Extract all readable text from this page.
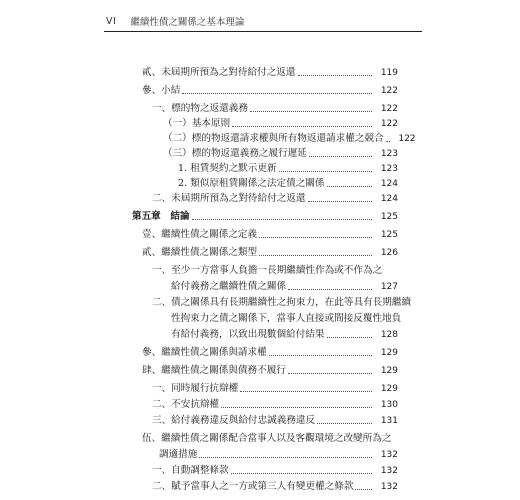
VI 繼續性債之關係之基本理論
貳、未屆期所預為之對待給付之返還	119
參、小結	122
一、標的物之返還義務	122
（一）基本原則	122
（二）標的物返還請求權與所有物返還請求權之競合	122
（三）標的物返還義務之履行遲延	123
1. 租賃契約之默示更新	123
2. 類似原租賃關係之法定債之關係	124
二、未屆期所預為之對待給付之返還	124
第五章　結論	125
壹、繼續性債之關係之定義	125
貳、繼續性債之關係之類型	126
一、至少一方當事人負擔一長期繼續性作為或不作為之
給付義務之繼續性債之關係	127
二、債之關係具有長期繼續性之拘束力，在此等具有長期繼續
性拘束力之債之關係下，當事人直接或間接反覆性地負
有給付義務，以致出現數個給付結果	128
參、繼續性債之關係與請求權	129
肆、繼續性債之關係與債務不履行	129
一、同時履行抗辯權	129
二、不安抗辯權	130
三、給付義務違反與給付忠誠義務違反	131
伍、繼續性債之關係配合當事人以及客觀環境之改變所為之
調適措施	132
一、自動調整條款	132
二、賦予當事人之一方或第三人有變更權之條款	132
